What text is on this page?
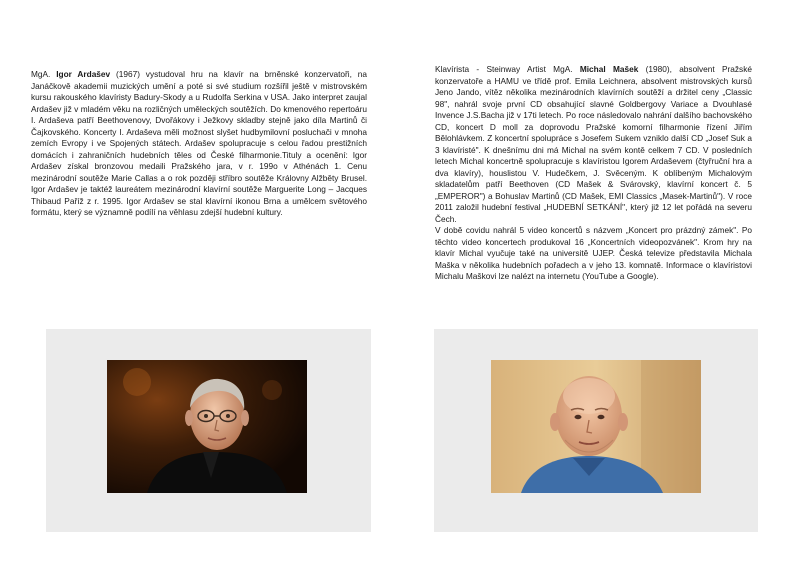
MgA. Igor Ardašev (1967) vystudoval hru na klavír na brněnské konzervatoři, na Janáčkově akademii muzických umění a poté si své studium rozšířil ještě v mistrovském kursu rakouského klavíristy Badury-Skody a u Rudolfa Serkina v USA. Jako interpret zaujal Ardašev již v mladém věku na rozličných uměleckých soutěžích. Do kmenového repertoáru I. Ardaševa patří Beethovenovy, Dvořákovy i Ježkovy skladby stejně jako díla Martinů či Čajkovského. Koncerty I. Ardaševa měli možnost slyšet hudbymilovní posluchači v mnoha zemích Evropy i ve Spojených státech. Ardašev spolupracuje s celou řadou prestižních domácích i zahraničních hudebních těles od České filharmonie.Tituly a ocenění: Igor Ardašev získal bronzovou medaili Pražského jara, v r. 199o v Athénách 1. Cenu mezinárodní soutěže Marie Callas a o rok později stříbro soutěže Královny Alžběty Brusel. Igor Ardašev je taktéž laureátem mezinárodní klavírní soutěže Marguerite Long – Jacques Thibaud Paříž z r. 1995. Igor Ardašev se stal klavírní ikonou Brna a umělcem světového formátu, který se významně podílí na věhlasu zdejší hudební kultury.

Klavírista - Steinway Artist MgA. Michal Mašek (1980), absolvent Pražské konzervatoře a HAMU ve třídě prof. Emila Leichnera, absolvent mistrovských kursů Jeno Jando, vítěz několika mezinárodních klavírních soutěží a držitel ceny „Classic 98", nahrál svoje první CD obsahující slavné Goldbergovy Variace a Dvouhlasé Invence J.S.Bacha již v 17ti letech. Po roce následovalo nahrání dalšího bachovského CD, koncert D moll za doprovodu Pražské komorní filharmonie řízení Jiřím Bělohlávkem. Z koncertní spolupráce s Josefem Sukem vzniklo další CD „Josef Suk a 3 klavíristé". K dnešnímu dni má Michal na svém kontě celkem 7 CD. V posledních letech Michal koncertně spolupracuje s klavíristou Igorem Ardaševem (čtyřruční hra a dva klavíry), houslistou V. Hudečkem, J. Svěceným. K oblíbeným Michalovým skladatelům patří Beethoven (CD Mašek & Svárovský, klavírní koncert č. 5 „EMPEROR") a Bohuslav Martinů (CD Mašek, EMI Classics „Masek-Martinů"). V roce 2011 založil hudební festival „HUDEBNÍ SETKÁNÍ", který již 12 let pořádá na severu Čech.

V době covidu nahrál 5 video koncertů s názvem „Koncert pro prázdný zámek". Po těchto video koncertech produkoval 16 „Koncertních videopozvánek". Krom hry na klavír Michal vyučuje také na universitě UJEP. Česká televize představila Michala Maška v několika hudebních pořadech a v jeho 13. komnatě. Informace o klavíristovi Michalu Maškovi lze nalézt na internetu (YouTube a Google).
